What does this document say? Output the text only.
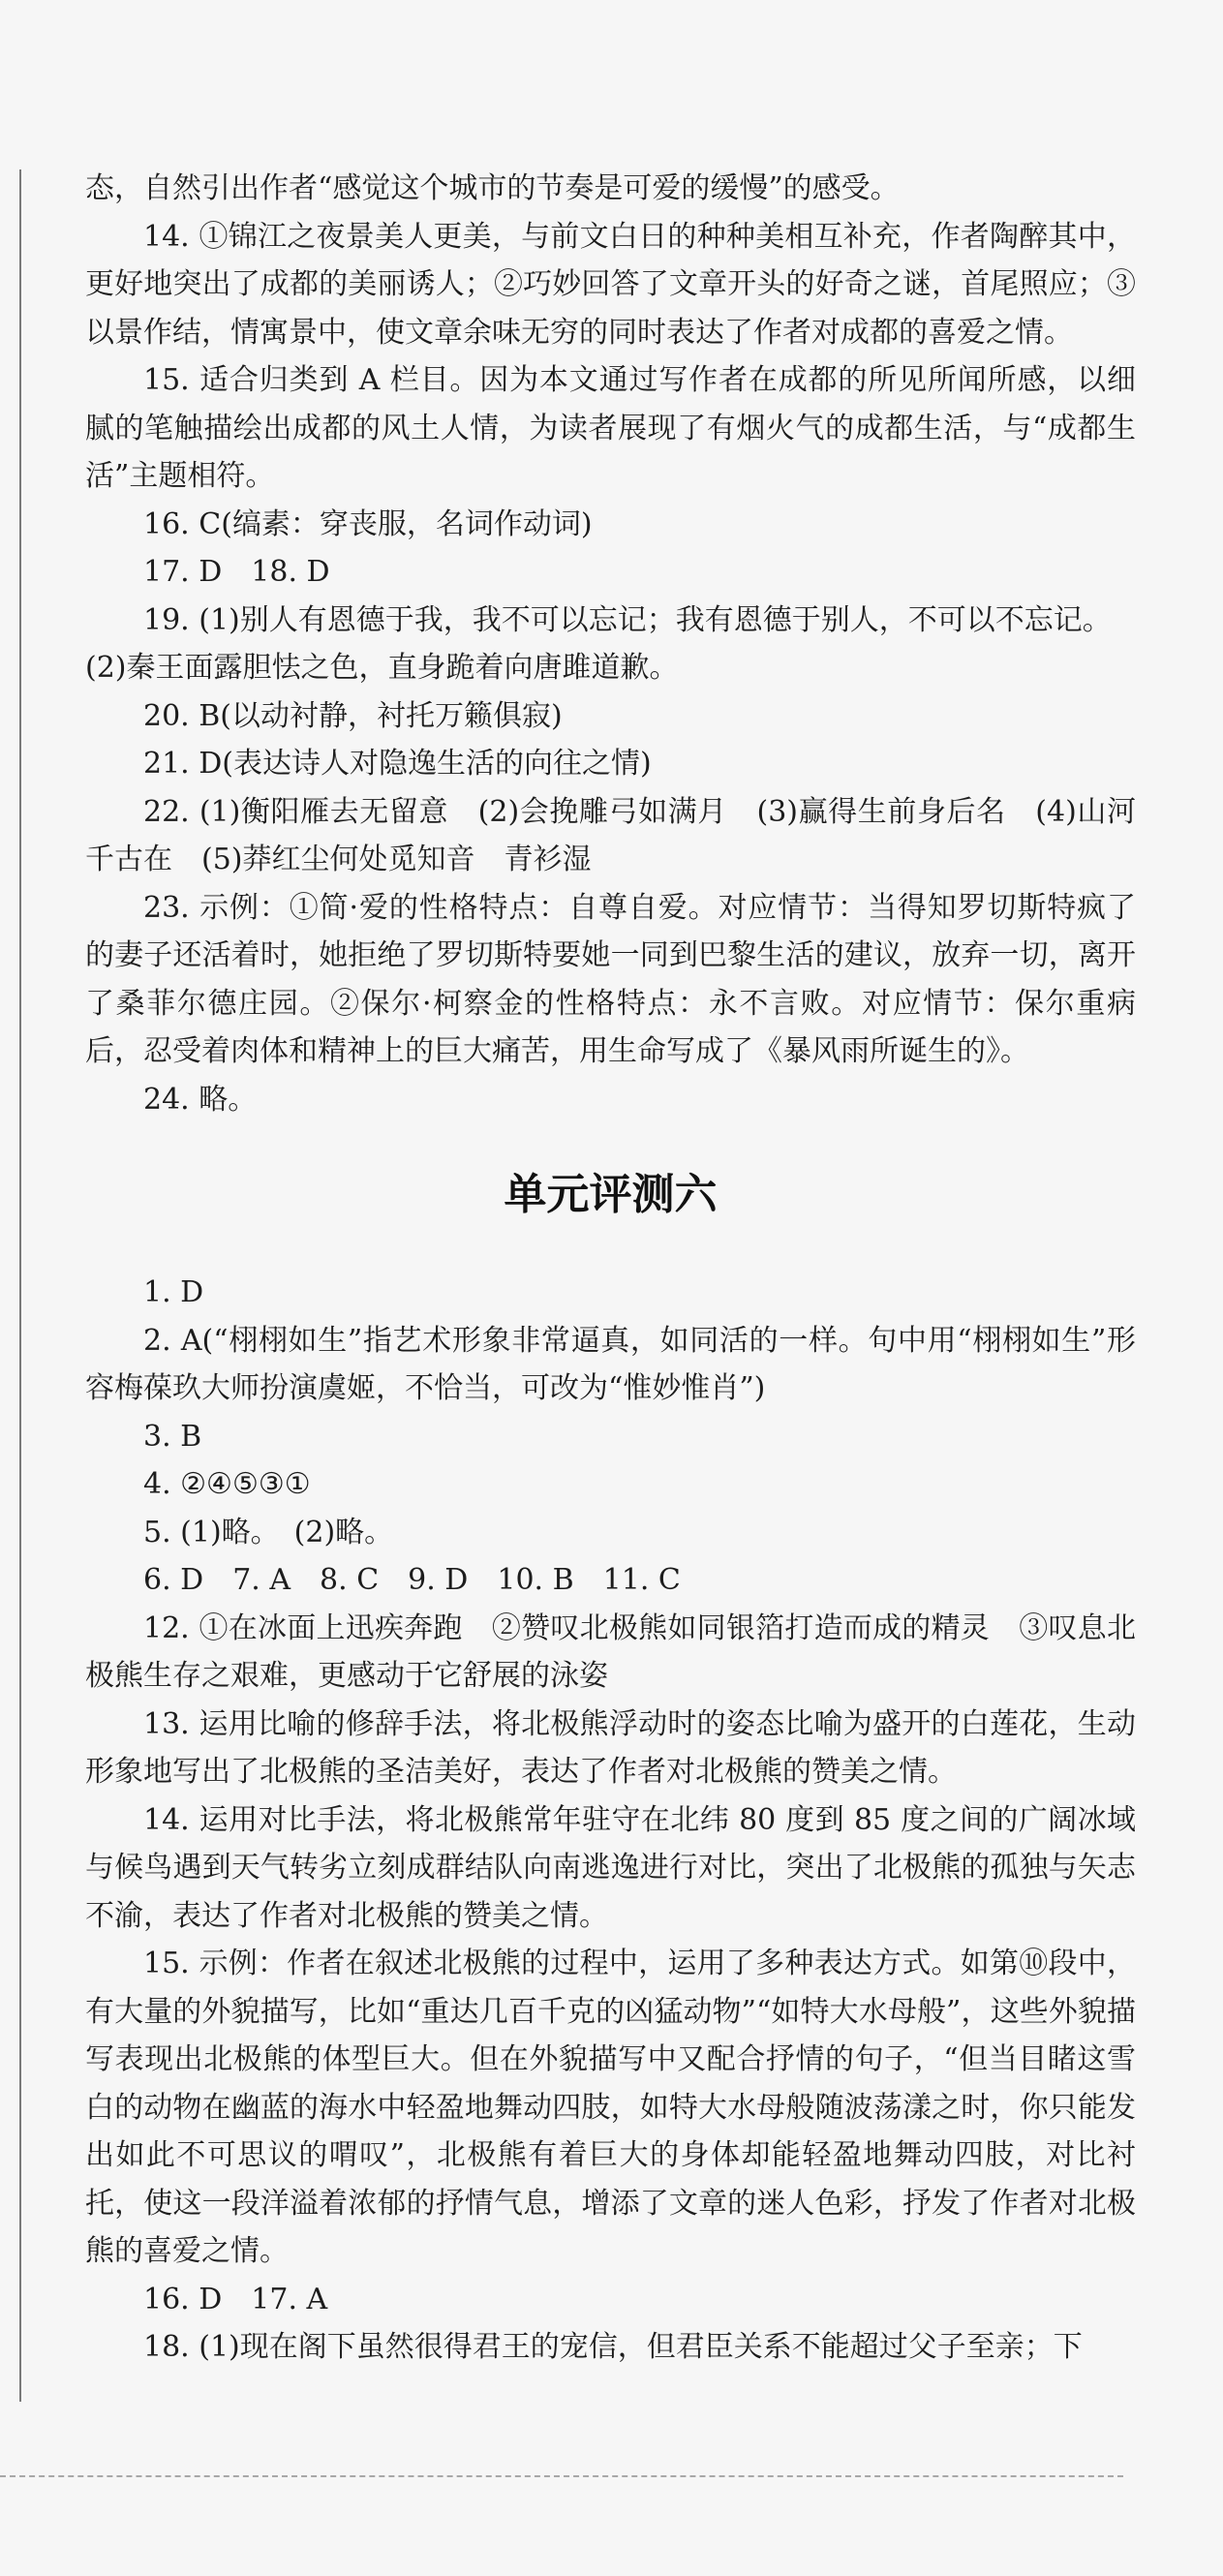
态，自然引出作者“感觉这个城市的节奏是可爱的缓慢”的感受。

14. ①锦江之夜景美人更美，与前文白日的种种美相互补充，作者陶醉其中，更好地突出了成都的美丽诱人；②巧妙回答了文章开头的好奇之谜，首尾照应；③以景作结，情寓景中，使文章余味无穷的同时表达了作者对成都的喜爱之情。

15. 适合归类到 A 栏目。因为本文通过写作者在成都的所见所闻所感，以细腻的笔触描绘出成都的风土人情，为读者展现了有烟火气的成都生活，与“成都生活”主题相符。

16. C(缟素：穿丧服，名词作动词)

17. D　18. D

19. (1)别人有恩德于我，我不可以忘记；我有恩德于别人，不可以不忘记。

(2)秦王面露胆怯之色，直身跪着向唐雎道歉。

20. B(以动衬静，衬托万籁俱寂)

21. D(表达诗人对隐逸生活的向往之情)

22. (1)衡阳雁去无留意　(2)会挽雕弓如满月　(3)赢得生前身后名　(4)山河千古在　(5)莽红尘何处觅知音　青衫湿

23. 示例：①简·爱的性格特点：自尊自爱。对应情节：当得知罗切斯特疯了的妻子还活着时，她拒绝了罗切斯特要她一同到巴黎生活的建议，放弃一切，离开了桑菲尔德庄园。②保尔·柯察金的性格特点：永不言败。对应情节：保尔重病后，忍受着肉体和精神上的巨大痛苦，用生命写成了《暴风雨所诞生的》。

24. 略。

单元评测六

1. D

2. A(“栩栩如生”指艺术形象非常逼真，如同活的一样。句中用“栩栩如生”形容梅葆玖大师扮演虞姬，不恰当，可改为“惟妙惟肖”)

3. B

4. ②④⑤③①

5. (1)略。　(2)略。

6. D　7. A　8. C　9. D　10. B　11. C

12. ①在冰面上迅疾奔跑　②赞叹北极熊如同银箔打造而成的精灵　③叹息北极熊生存之艰难，更感动于它舒展的泳姿

13. 运用比喻的修辞手法，将北极熊浮动时的姿态比喻为盛开的白莲花，生动形象地写出了北极熊的圣洁美好，表达了作者对北极熊的赞美之情。

14. 运用对比手法，将北极熊常年驻守在北纬 80 度到 85 度之间的广阔冰域与候鸟遇到天气转劣立刻成群结队向南逃逸进行对比，突出了北极熊的孤独与矢志不渝，表达了作者对北极熊的赞美之情。

15. 示例：作者在叙述北极熊的过程中，运用了多种表达方式。如第⑩段中，有大量的外貌描写，比如“重达几百千克的凶猛动物”“如特大水母般”，这些外貌描写表现出北极熊的体型巨大。但在外貌描写中又配合抒情的句子，“但当目睹这雪白的动物在幽蓝的海水中轻盈地舞动四肢，如特大水母般随波荡漾之时，你只能发出如此不可思议的喟叹”，北极熊有着巨大的身体却能轻盈地舞动四肢，对比衬托，使这一段洋溢着浓郁的抒情气息，增添了文章的迷人色彩，抒发了作者对北极熊的喜爱之情。

16. D　17. A

18. (1)现在阁下虽然很得君王的宠信，但君臣关系不能超过父子至亲；下
